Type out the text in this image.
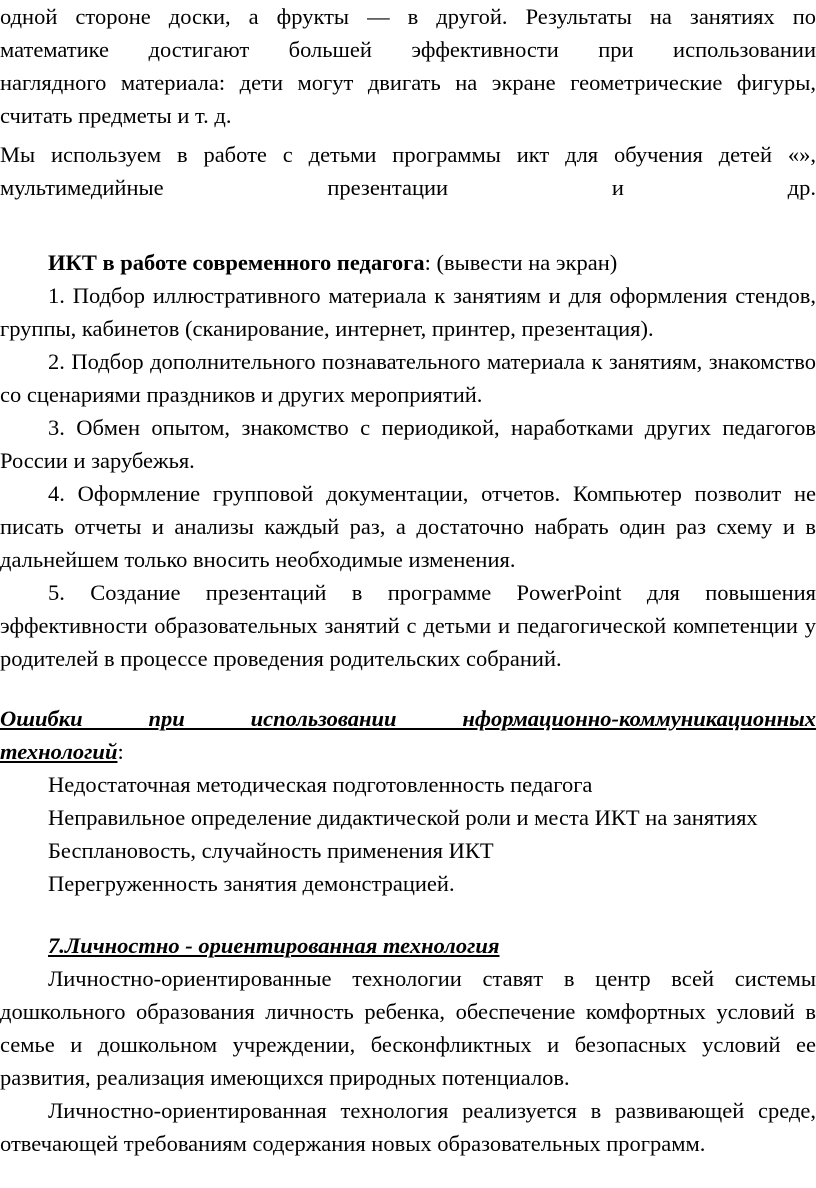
одной стороне доски, а фрукты — в другой. Результаты на занятиях по

математике достигают большей эффективности при использовании

наглядного материала: дети могут двигать на экране геометрические фигуры,

считать предметы и т. д.

Мы используем в работе с детьми программы икт для обучения детей «»,

мультимедийные презентации и др.

ИКТ в работе современного педагога: (вывести на экран)

1. Подбор иллюстративного материала к занятиям и для оформления стендов, группы, кабинетов (сканирование, интернет, принтер, презентация).

2. Подбор дополнительного познавательного материала к занятиям, знакомство со сценариями праздников и других мероприятий.

3. Обмен опытом, знакомство с периодикой, наработками других педагогов России и зарубежья.

4. Оформление групповой документации, отчетов. Компьютер позволит не писать отчеты и анализы каждый раз, а достаточно набрать один раз схему и в дальнейшем только вносить необходимые изменения.

5. Создание презентаций в программе PowerPoint для повышения эффективности образовательных занятий с детьми и педагогической компетенции у родителей в процессе проведения родительских собраний.

Ошибки при использовании нформационно-коммуникационных

технологий:

Недостаточная методическая подготовленность педагога

Неправильное определение дидактической роли и места ИКТ на занятиях

Бесплановость, случайность применения ИКТ

Перегруженность занятия демонстрацией.

7.Личностно - ориентированная технология

Личностно-ориентированные технологии ставят в центр всей системы дошкольного образования личность ребенка, обеспечение комфортных условий в семье и дошкольном учреждении, бесконфликтных и безопасных условий ее развития, реализация имеющихся природных потенциалов.

Личностно-ориентированная технология реализуется в развивающей среде, отвечающей требованиям содержания новых образовательных программ.
